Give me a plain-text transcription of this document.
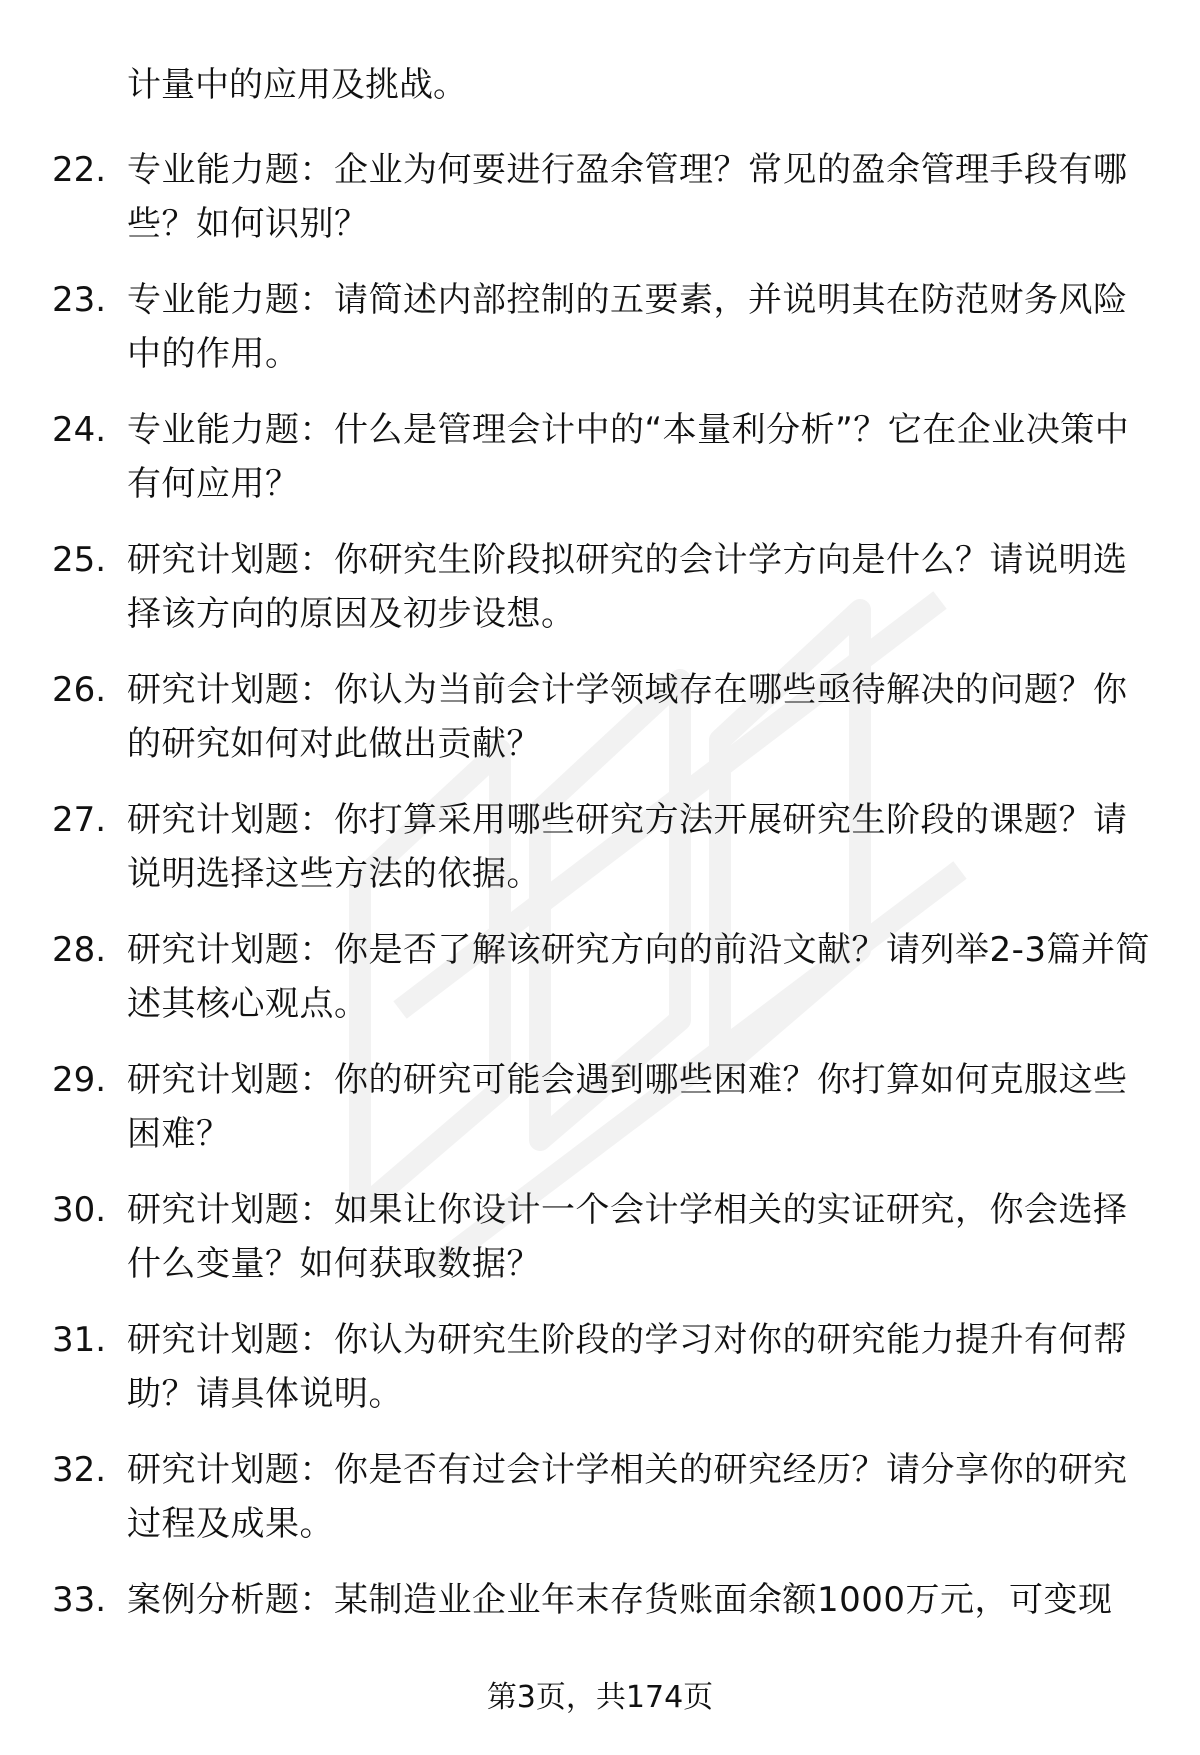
计量中的应用及挑战。
22. 专业能力题：企业为何要进行盈余管理？常见的盈余管理手段有哪些？如何识别？
23. 专业能力题：请简述内部控制的五要素，并说明其在防范财务风险中的作用。
24. 专业能力题：什么是管理会计中的“本量利分析”？它在企业决策中有何应用？
25. 研究计划题：你研究生阶段拟研究的会计学方向是什么？请说明选择该方向的原因及初步设想。
26. 研究计划题：你认为当前会计学领域存在哪些亟待解决的问题？你的研究如何对此做出贡献？
27. 研究计划题：你打算采用哪些研究方法开展研究生阶段的课题？请说明选择这些方法的依据。
28. 研究计划题：你是否了解该研究方向的前沿文献？请列举2-3篇并简述其核心观点。
29. 研究计划题：你的研究可能会遇到哪些困难？你打算如何克服这些困难？
30. 研究计划题：如果让你设计一个会计学相关的实证研究，你会选择什么变量？如何获取数据？
31. 研究计划题：你认为研究生阶段的学习对你的研究能力提升有何帮助？请具体说明。
32. 研究计划题：你是否有过会计学相关的研究经历？请分享你的研究过程及成果。
33. 案例分析题：某制造业企业年末存货账面余额1000万元，可变现
第3页，共174页
